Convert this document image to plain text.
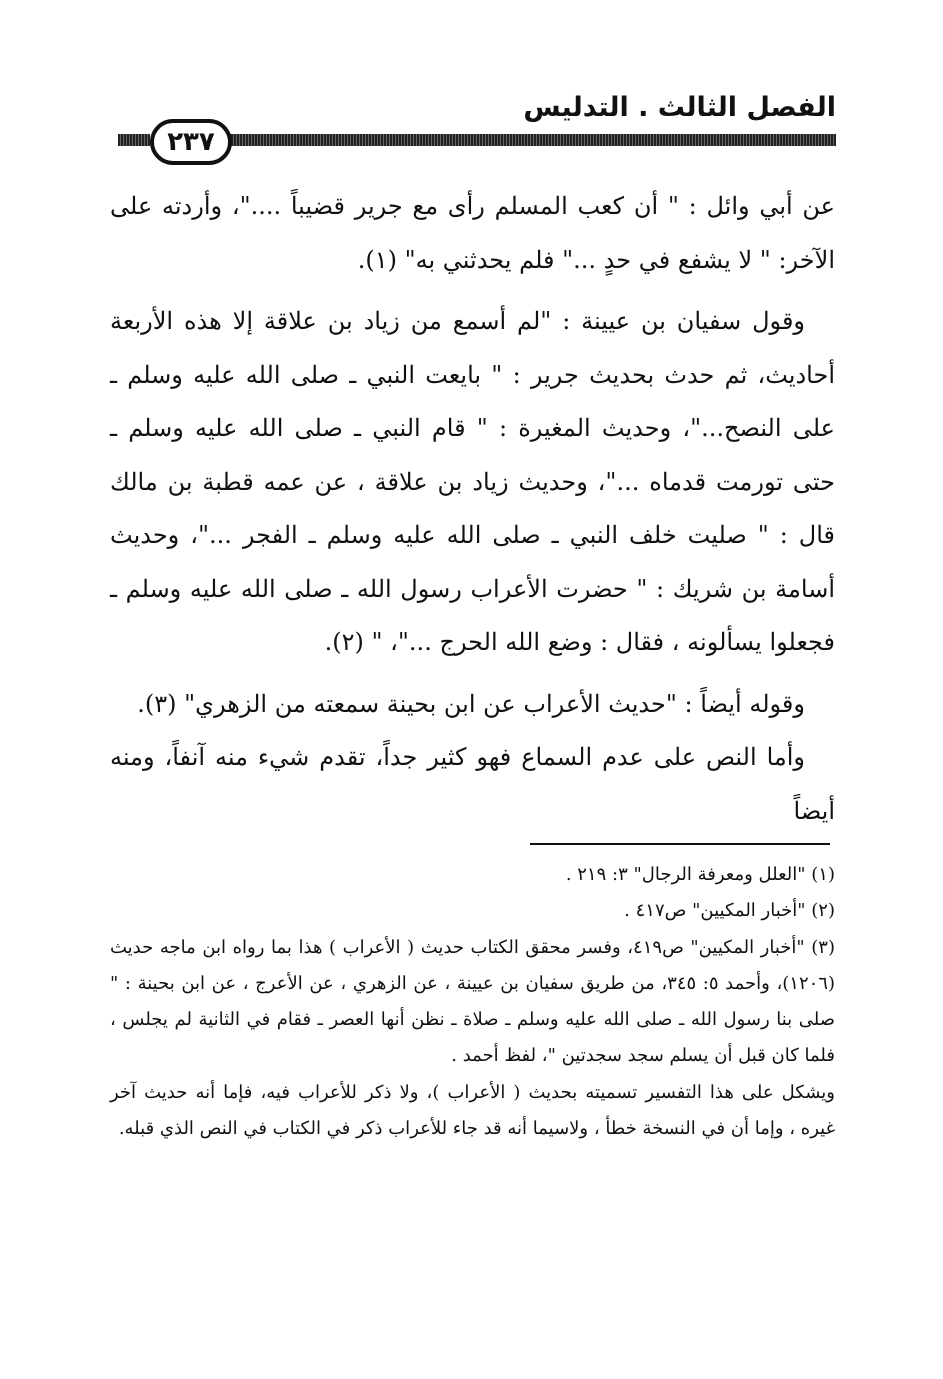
الفصل الثالث . التدليس
٢٣٧

عن أبي وائل : " أن كعب المسلم رأى مع جرير قضيباً ...."، وأردته على الآخر: " لا يشفع في حدٍ ..." فلم يحدثني به" (١).

وقول سفيان بن عيينة : "لم أسمع من زياد بن علاقة إلا هذه الأربعة أحاديث، ثم حدث بحديث جرير : " بايعت النبي ـ صلى الله عليه وسلم ـ على النصح..."، وحديث المغيرة : " قام النبي ـ صلى الله عليه وسلم ـ حتى تورمت قدماه ..."، وحديث زياد بن علاقة ، عن عمه قطبة بن مالك قال : " صليت خلف النبي ـ صلى الله عليه وسلم ـ الفجر ..."، وحديث أسامة بن شريك : " حضرت الأعراب رسول الله ـ صلى الله عليه وسلم ـ فجعلوا يسألونه ، فقال : وضع الله الحرج ..."، " (٢).

وقوله أيضاً : "حديث الأعراب عن ابن بحينة سمعته من الزهري" (٣).

وأما النص على عدم السماع فهو كثير جداً، تقدم شيء منه آنفاً، ومنه أيضاً

(١) "العلل ومعرفة الرجال" ٣: ٢١٩ .

(٢) "أخبار المكيين" ص٤١٧ .

(٣) "أخبار المكيين" ص٤١٩، وفسر محقق الكتاب حديث ( الأعراب ) هذا بما رواه ابن ماجه حديث (١٢٠٦)، وأحمد ٥: ٣٤٥، من طريق سفيان بن عيينة ، عن الزهري ، عن الأعرج ، عن ابن بحينة : " صلى بنا رسول الله ـ صلى الله عليه وسلم ـ صلاة ـ نظن أنها العصر ـ فقام في الثانية لم يجلس ، فلما كان قبل أن يسلم سجد سجدتين "، لفظ أحمد .

ويشكل على هذا التفسير تسميته بحديث ( الأعراب )، ولا ذكر للأعراب فيه، فإما أنه حديث آخر غيره ، وإما أن في النسخة خطأ ، ولاسيما أنه قد جاء للأعراب ذكر في الكتاب في النص الذي قبله.
